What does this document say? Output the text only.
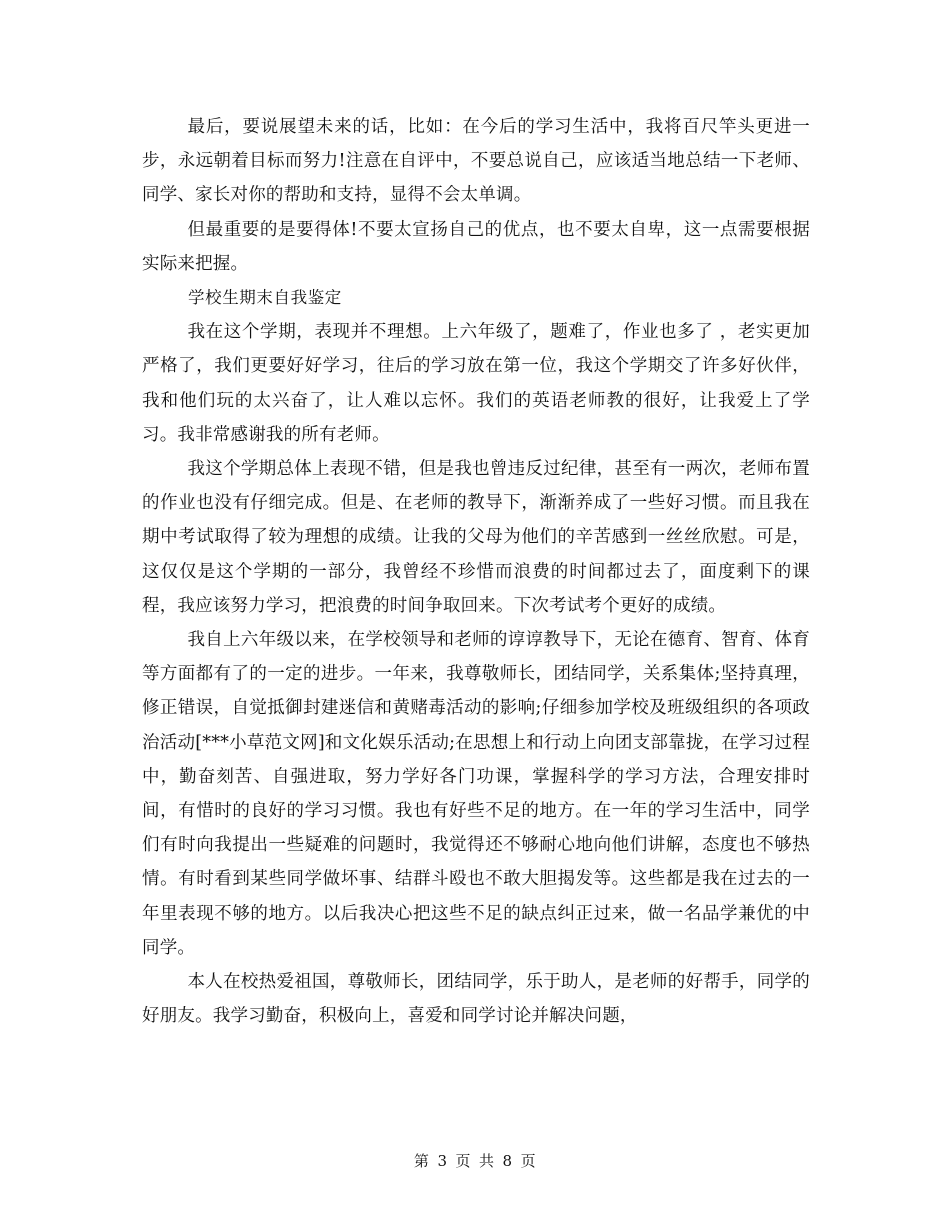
最后，要说展望未来的话，比如：在今后的学习生活中，我将百尺竿头更进一步，永远朝着目标而努力!注意在自评中，不要总说自己，应该适当地总结一下老师、同学、家长对你的帮助和支持，显得不会太单调。

但最重要的是要得体!不要太宣扬自己的优点，也不要太自卑，这一点需要根据实际来把握。

学校生期末自我鉴定

我在这个学期，表现并不理想。上六年级了，题难了，作业也多了 ，老实更加严格了，我们更要好好学习，往后的学习放在第一位，我这个学期交了许多好伙伴，我和他们玩的太兴奋了，让人难以忘怀。我们的英语老师教的很好，让我爱上了学习。我非常感谢我的所有老师。

我这个学期总体上表现不错，但是我也曾违反过纪律，甚至有一两次，老师布置的作业也没有仔细完成。但是、在老师的教导下，渐渐养成了一些好习惯。而且我在期中考试取得了较为理想的成绩。让我的父母为他们的辛苦感到一丝丝欣慰。可是，这仅仅是这个学期的一部分，我曾经不珍惜而浪费的时间都过去了，面度剩下的课程，我应该努力学习，把浪费的时间争取回来。下次考试考个更好的成绩。

我自上六年级以来，在学校领导和老师的谆谆教导下，无论在德育、智育、体育等方面都有了的一定的进步。一年来，我尊敬师长，团结同学，关系集体;坚持真理，修正错误，自觉抵御封建迷信和黄赌毒活动的影响;仔细参加学校及班级组织的各项政治活动[***小草范文网]和文化娱乐活动;在思想上和行动上向团支部靠拢，在学习过程中，勤奋刻苦、自强进取，努力学好各门功课，掌握科学的学习方法，合理安排时间，有惜时的良好的学习习惯。我也有好些不足的地方。在一年的学习生活中，同学们有时向我提出一些疑难的问题时，我觉得还不够耐心地向他们讲解，态度也不够热情。有时看到某些同学做坏事、结群斗殴也不敢大胆揭发等。这些都是我在过去的一年里表现不够的地方。以后我决心把这些不足的缺点纠正过来，做一名品学兼优的中同学。

本人在校热爱祖国，尊敬师长，团结同学，乐于助人，是老师的好帮手，同学的好朋友。我学习勤奋，积极向上，喜爱和同学讨论并解决问题，

第 3 页 共 8 页
